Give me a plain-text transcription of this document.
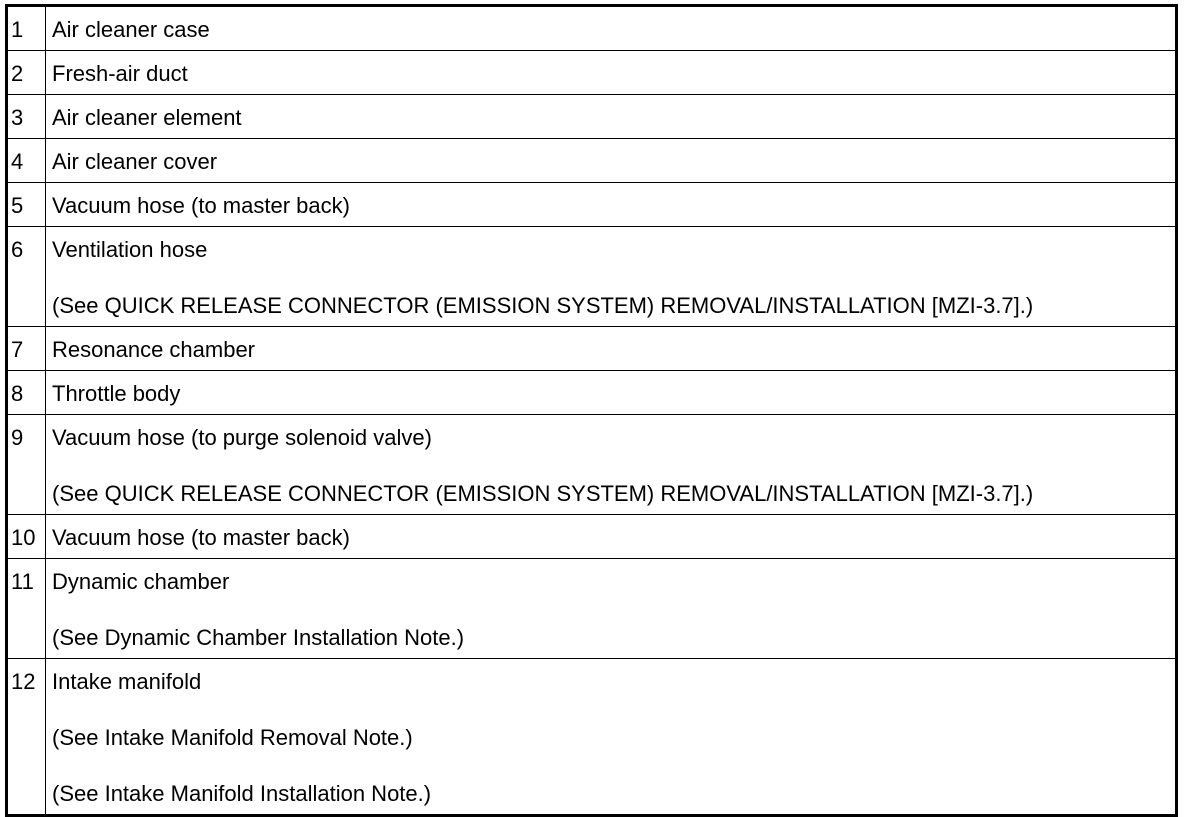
1	Air cleaner case

2	Fresh-air duct

3	Air cleaner element

4	Air cleaner cover

5	Vacuum hose (to master back)

6	Ventilation hose
(See QUICK RELEASE CONNECTOR (EMISSION SYSTEM) REMOVAL/INSTALLATION [MZI-3.7].)

7	Resonance chamber

8	Throttle body

9	Vacuum hose (to purge solenoid valve)
(See QUICK RELEASE CONNECTOR (EMISSION SYSTEM) REMOVAL/INSTALLATION [MZI-3.7].)

10	Vacuum hose (to master back)

11	Dynamic chamber
(See Dynamic Chamber Installation Note.)

12	Intake manifold
(See Intake Manifold Removal Note.)
(See Intake Manifold Installation Note.)
